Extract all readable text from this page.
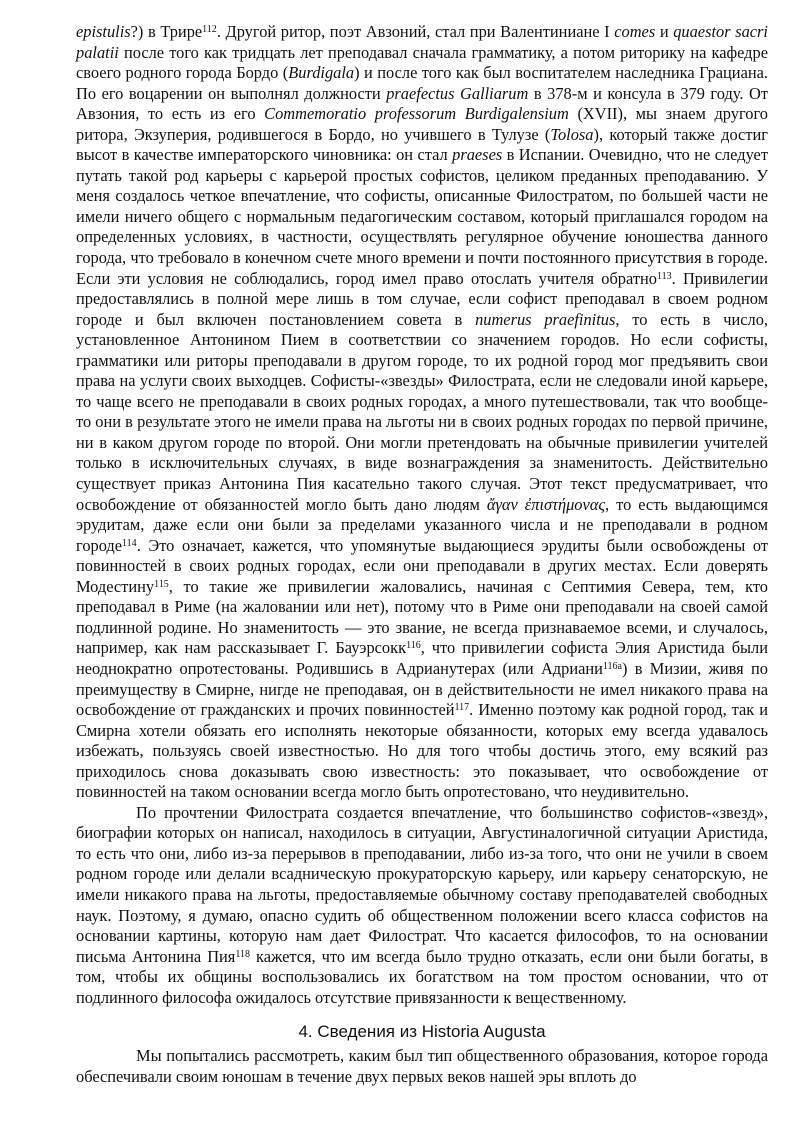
epistulis?) в Трире$^{112}$. Другой ритор, поэт Авзоний, стал при Валентиниане I comes и quaestor sacri palatii после того как тридцать лет преподавал сначала грамматику, а потом риторику на кафедре своего родного города Бордо (Burdigala) и после того как был воспитателем наследника Грациана. По его воцарении он выполнял должности praefectus Galliarum в 378-м и консула в 379 году. От Авзония, то есть из его Commemoratio professorum Burdigalensium (XVII), мы знаем другого ритора, Экзуперия, родившегося в Бордо, но учившего в Тулузе (Tolosa), который также достиг высот в качестве императорского чиновника: он стал praeses в Испании. Очевидно, что не следует путать такой род карьеры с карьерой простых софистов, целиком преданных преподаванию. У меня создалось четкое впечатление, что софисты, описанные Филостратом, по большей части не имели ничего общего с нормальным педагогическим составом, который приглашался городом на определенных условиях, в частности, осуществлять регулярное обучение юношества данного города, что требовало в конечном счете много времени и почти постоянного присутствия в городе. Если эти условия не соблюдались, город имел право отослать учителя обратно$^{113}$. Привилегии предоставлялись в полной мере лишь в том случае, если софист преподавал в своем родном городе и был включен постановлением совета в numerus praefinitus, то есть в число, установленное Антонином Пием в соответствии со значением городов. Но если софисты, грамматики или риторы преподавали в другом городе, то их родной город мог предъявить свои права на услуги своих выходцев. Софисты-«звезды» Филострата, если не следовали иной карьере, то чаще всего не преподавали в своих родных городах, а много путешествовали, так что вообще-то они в результате этого не имели права на льготы ни в своих родных городах по первой причине, ни в каком другом городе по второй. Они могли претендовать на обычные привилегии учителей только в исключительных случаях, в виде вознаграждения за знаменитость. Действительно существует приказ Антонина Пия касательно такого случая. Этот текст предусматривает, что освобождение от обязанностей могло быть дано людям ἄγαν ἐπιστήμονας, то есть выдающимся эрудитам, даже если они были за пределами указанного числа и не преподавали в родном городе$^{114}$. Это означает, кажется, что упомянутые выдающиеся эрудиты были освобождены от повинностей в своих родных городах, если они преподавали в других местах. Если доверять Модестину$^{115}$, то такие же привилегии жаловались, начиная с Септимия Севера, тем, кто преподавал в Риме (на жаловании или нет), потому что в Риме они преподавали на своей самой подлинной родине. Но знаменитость — это звание, не всегда признаваемое всеми, и случалось, например, как нам рассказывает Г. Бауэрсокк$^{116}$, что привилегии софиста Элия Аристида были неоднократно опротестованы. Родившись в Адрианутерах (или Адриани$^{116а}$) в Мизии, живя по преимуществу в Смирне, нигде не преподавая, он в действительности не имел никакого права на освобождение от гражданских и прочих повинностей$^{117}$. Именно поэтому как родной город, так и Смирна хотели обязать его исполнять некоторые обязанности, которых ему всегда удавалось избежать, пользуясь своей известностью. Но для того чтобы достичь этого, ему всякий раз приходилось снова доказывать свою известность: это показывает, что освобождение от повинностей на таком основании всегда могло быть опротестовано, что неудивительно.

По прочтении Филострата создается впечатление, что большинство софистов-«звезд», биографии которых он написал, находилось в ситуации, Августиналогичной ситуации Аристида, то есть что они, либо из-за перерывов в преподавании, либо из-за того, что они не учили в своем родном городе или делали всадническую прокураторскую карьеру, или карьеру сенаторскую, не имели никакого права на льготы, предоставляемые обычному составу преподавателей свободных наук. Поэтому, я думаю, опасно судить об общественном положении всего класса софистов на основании картины, которую нам дает Филострат. Что касается философов, то на основании письма Антонина Пия$^{118}$ кажется, что им всегда было трудно отказать, если они были богаты, в том, чтобы их общины воспользовались их богатством на том простом основании, что от подлинного философа ожидалось отсутствие привязанности к вещественному.

4. Сведения из Historia Augusta

Мы попытались рассмотреть, каким был тип общественного образования, которое города обеспечивали своим юношам в течение двух первых веков нашей эры вплоть до
